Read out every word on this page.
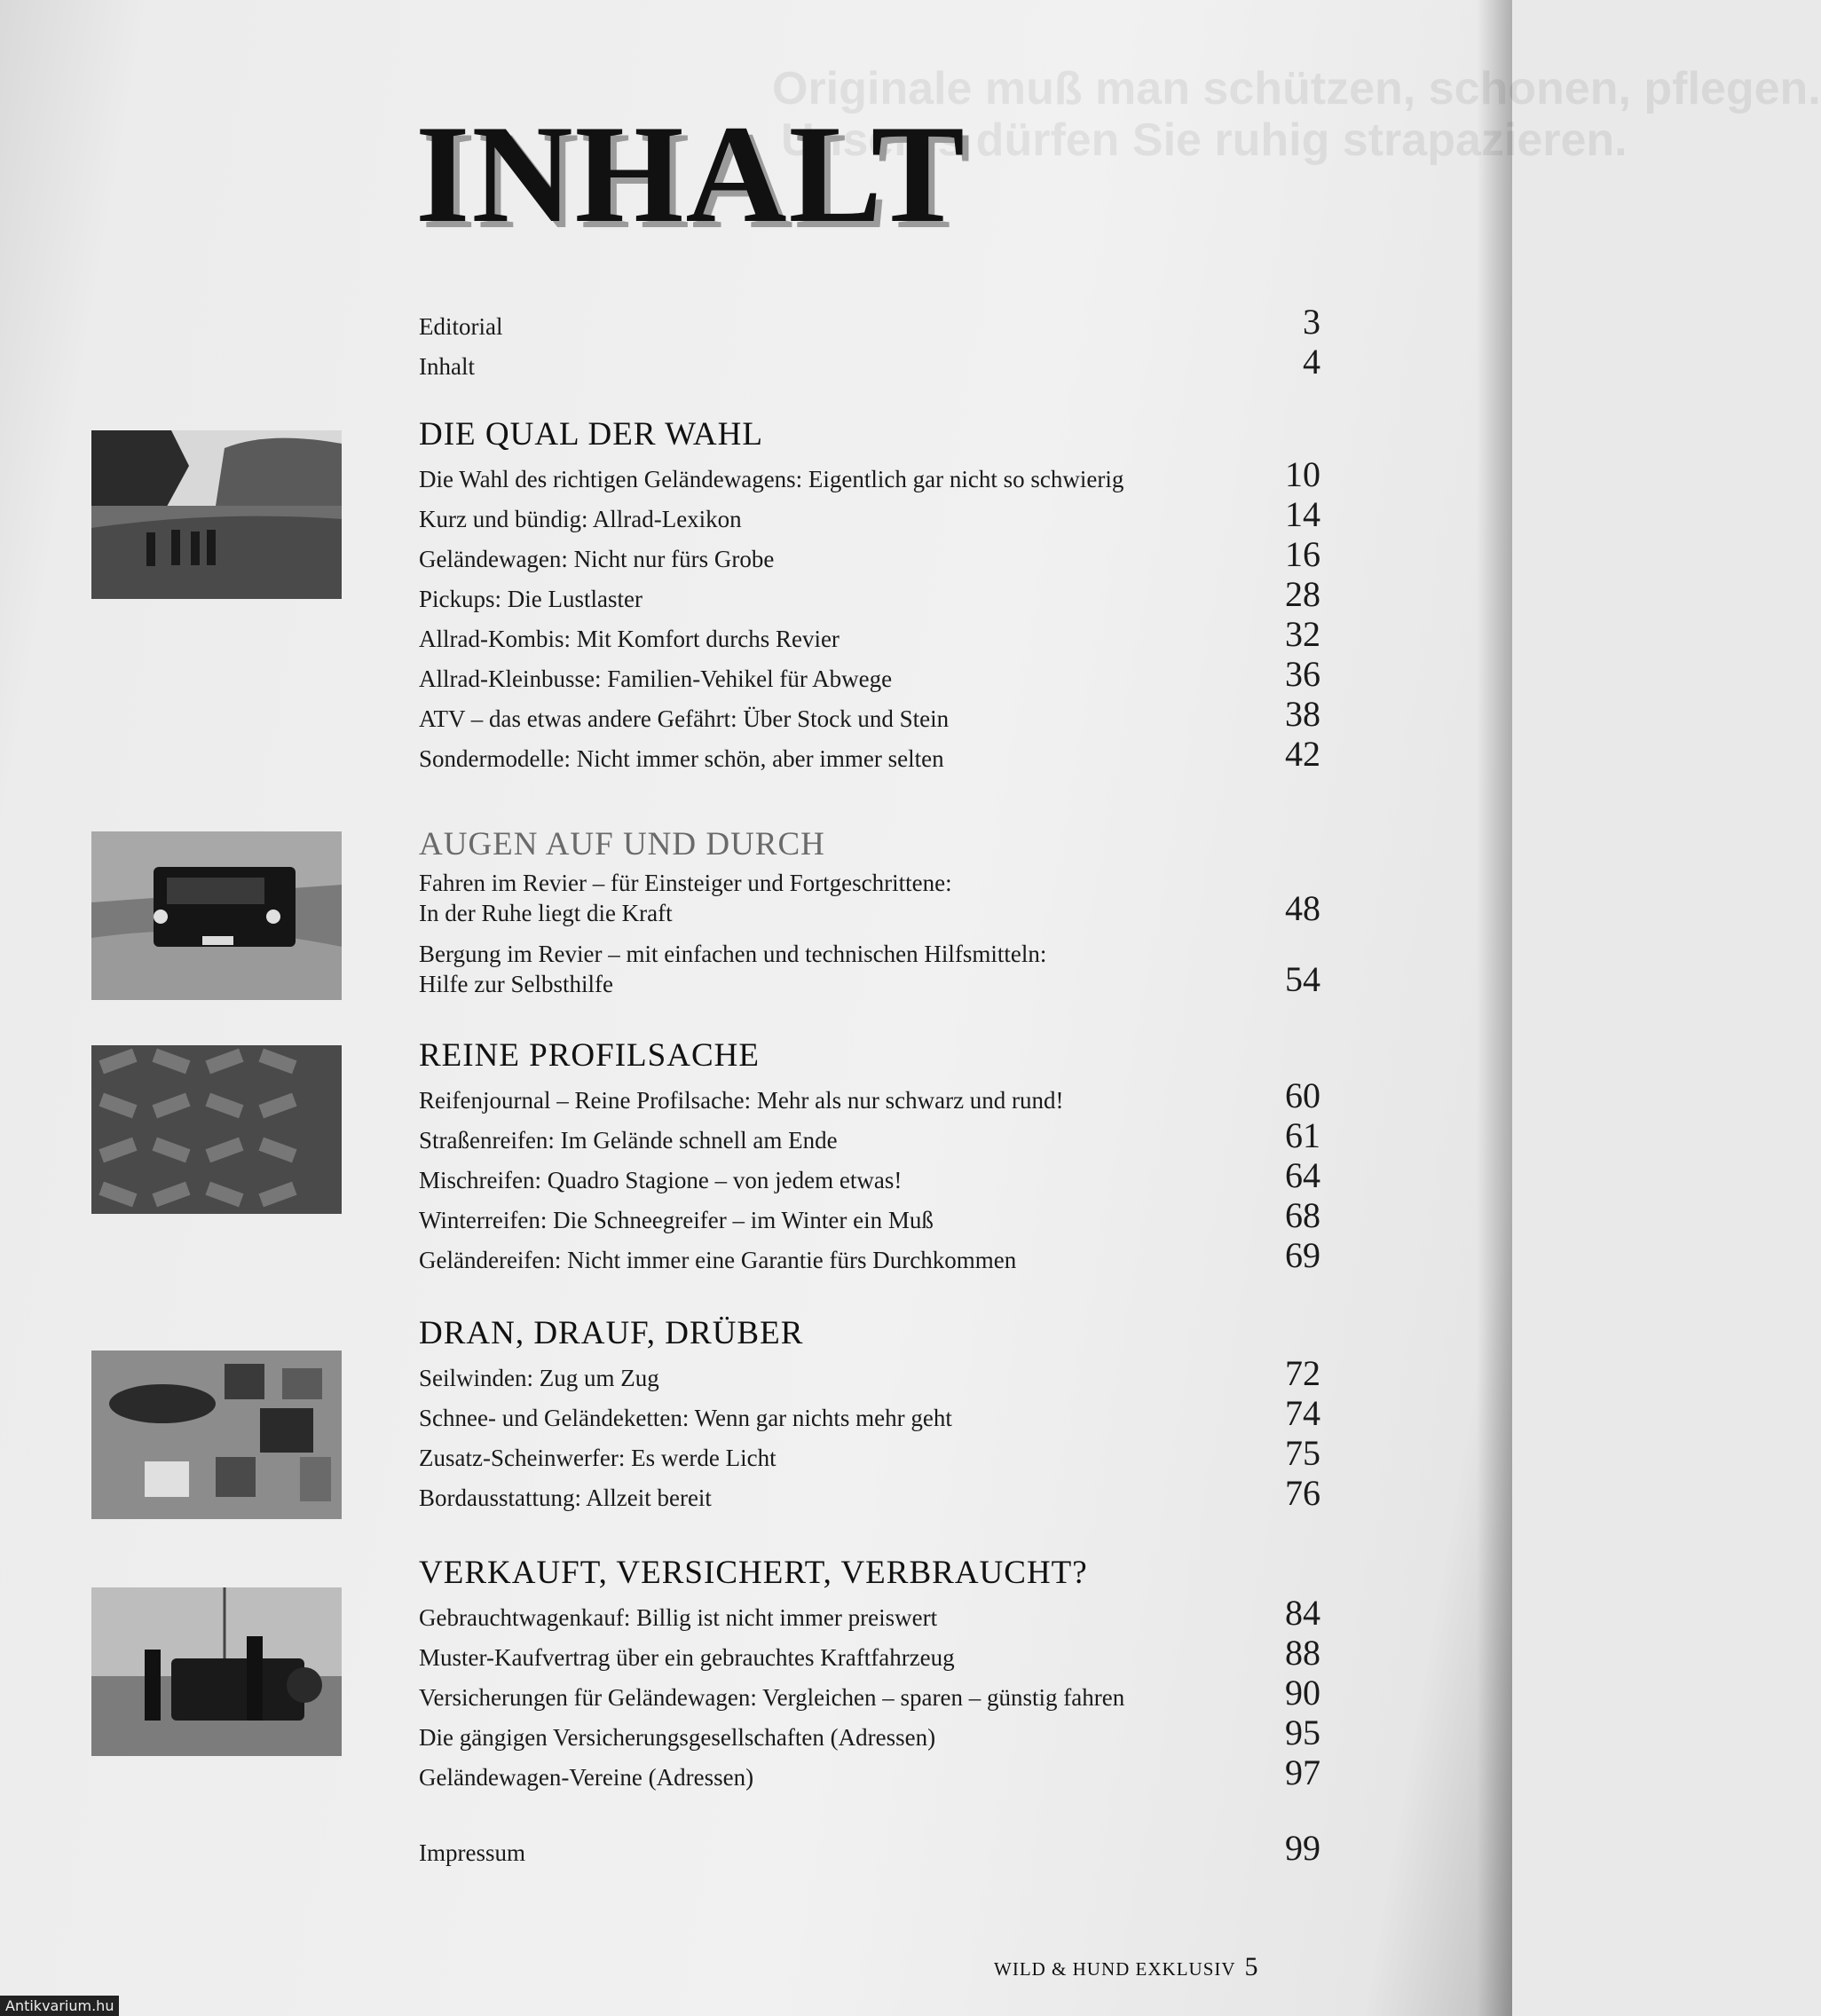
Originale muß man schützen, schonen, pflegen.
Unseres dürfen Sie ruhig strapazieren.
INHALT
Editorial	3
Inhalt	4
DIE QUAL DER WAHL
Die Wahl des richtigen Geländewagens: Eigentlich gar nicht so schwierig	10
Kurz und bündig: Allrad-Lexikon	14
Geländewagen: Nicht nur fürs Grobe	16
Pickups: Die Lustlaster	28
Allrad-Kombis: Mit Komfort durchs Revier	32
Allrad-Kleinbusse: Familien-Vehikel für Abwege	36
ATV – das etwas andere Gefährt: Über Stock und Stein	38
Sondermodelle: Nicht immer schön, aber immer selten	42
AUGEN AUF UND DURCH
Fahren im Revier – für Einsteiger und Fortgeschrittene:
In der Ruhe liegt die Kraft	48
Bergung im Revier – mit einfachen und technischen Hilfsmitteln:
Hilfe zur Selbsthilfe	54
REINE PROFILSACHE
Reifenjournal – Reine Profilsache: Mehr als nur schwarz und rund!	60
Straßenreifen: Im Gelände schnell am Ende	61
Mischreifen: Quadro Stagione – von jedem etwas!	64
Winterreifen: Die Schneegreifer – im Winter ein Muß	68
Geländereifen: Nicht immer eine Garantie fürs Durchkommen	69
DRAN, DRAUF, DRÜBER
Seilwinden: Zug um Zug	72
Schnee- und Geländeketten: Wenn gar nichts mehr geht	74
Zusatz-Scheinwerfer: Es werde Licht	75
Bordausstattung: Allzeit bereit	76
VERKAUFT, VERSICHERT, VERBRAUCHT?
Gebrauchtwagenkauf: Billig ist nicht immer preiswert	84
Muster-Kaufvertrag über ein gebrauchtes Kraftfahrzeug	88
Versicherungen für Geländewagen: Vergleichen – sparen – günstig fahren	90
Die gängigen Versicherungsgesellschaften (Adressen)	95
Geländewagen-Vereine (Adressen)	97
Impressum	99
WILD & HUND EXKLUSIV 5
Antikvarium.hu
